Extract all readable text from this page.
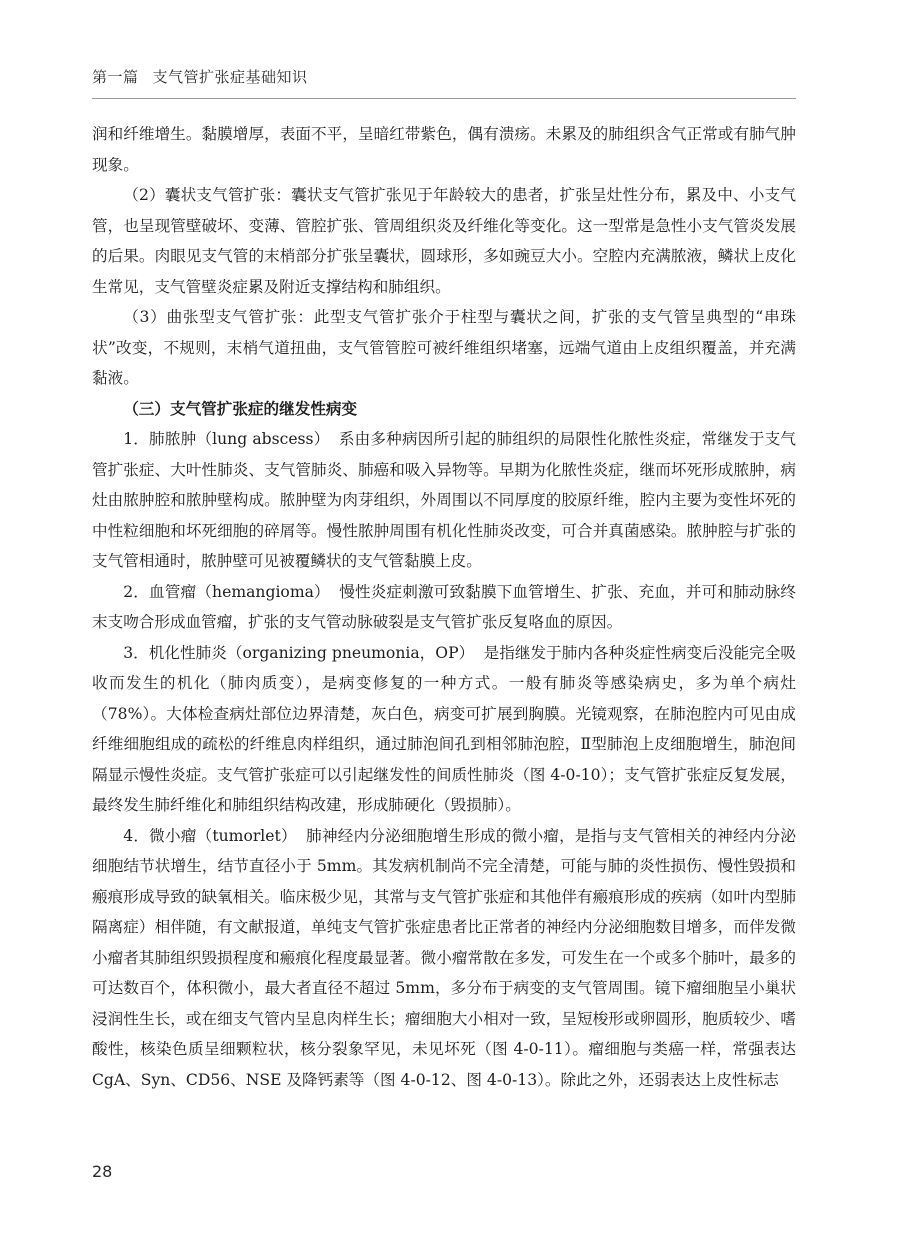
第一篇 支气管扩张症基础知识

润和纤维增生。黏膜增厚，表面不平，呈暗红带紫色，偶有溃疡。未累及的肺组织含气正常或有肺气肿现象。

（2）囊状支气管扩张：囊状支气管扩张见于年龄较大的患者，扩张呈灶性分布，累及中、小支气管，也呈现管壁破坏、变薄、管腔扩张、管周组织炎及纤维化等变化。这一型常是急性小支气管炎发展的后果。肉眼见支气管的末梢部分扩张呈囊状，圆球形，多如豌豆大小。空腔内充满脓液，鳞状上皮化生常见，支气管壁炎症累及附近支撑结构和肺组织。

（3）曲张型支气管扩张：此型支气管扩张介于柱型与囊状之间，扩张的支气管呈典型的“串珠状”改变，不规则，末梢气道扭曲，支气管管腔可被纤维组织堵塞，远端气道由上皮组织覆盖，并充满黏液。

（三）支气管扩张症的继发性病变

1．肺脓肿（lung abscess） 系由多种病因所引起的肺组织的局限性化脓性炎症，常继发于支气管扩张症、大叶性肺炎、支气管肺炎、肺癌和吸入异物等。早期为化脓性炎症，继而坏死形成脓肿，病灶由脓肿腔和脓肿壁构成。脓肿壁为肉芽组织，外周围以不同厚度的胶原纤维，腔内主要为变性坏死的中性粒细胞和坏死细胞的碎屑等。慢性脓肿周围有机化性肺炎改变，可合并真菌感染。脓肿腔与扩张的支气管相通时，脓肿壁可见被覆鳞状的支气管黏膜上皮。

2．血管瘤（hemangioma） 慢性炎症刺激可致黏膜下血管增生、扩张、充血，并可和肺动脉终末支吻合形成血管瘤，扩张的支气管动脉破裂是支气管扩张反复咯血的原因。

3．机化性肺炎（organizing pneumonia，OP） 是指继发于肺内各种炎症性病变后没能完全吸收而发生的机化（肺肉质变），是病变修复的一种方式。一般有肺炎等感染病史，多为单个病灶（78%）。大体检查病灶部位边界清楚，灰白色，病变可扩展到胸膜。光镜观察，在肺泡腔内可见由成纤维细胞组成的疏松的纤维息肉样组织，通过肺泡间孔到相邻肺泡腔，Ⅱ型肺泡上皮细胞增生，肺泡间隔显示慢性炎症。支气管扩张症可以引起继发性的间质性肺炎（图 4-0-10）；支气管扩张症反复发展，最终发生肺纤维化和肺组织结构改建，形成肺硬化（毁损肺）。

4．微小瘤（tumorlet） 肺神经内分泌细胞增生形成的微小瘤，是指与支气管相关的神经内分泌细胞结节状增生，结节直径小于 5mm。其发病机制尚不完全清楚，可能与肺的炎性损伤、慢性毁损和瘢痕形成导致的缺氧相关。临床极少见，其常与支气管扩张症和其他伴有瘢痕形成的疾病（如叶内型肺隔离症）相伴随，有文献报道，单纯支气管扩张症患者比正常者的神经内分泌细胞数目增多，而伴发微小瘤者其肺组织毁损程度和瘢痕化程度最显著。微小瘤常散在多发，可发生在一个或多个肺叶，最多的可达数百个，体积微小，最大者直径不超过 5mm，多分布于病变的支气管周围。镜下瘤细胞呈小巢状浸润性生长，或在细支气管内呈息肉样生长；瘤细胞大小相对一致，呈短梭形或卵圆形，胞质较少、嗜酸性，核染色质呈细颗粒状，核分裂象罕见，未见坏死（图 4-0-11）。瘤细胞与类癌一样，常强表达 CgA、Syn、CD56、NSE 及降钙素等（图 4-0-12、图 4-0-13）。除此之外，还弱表达上皮性标志

28
